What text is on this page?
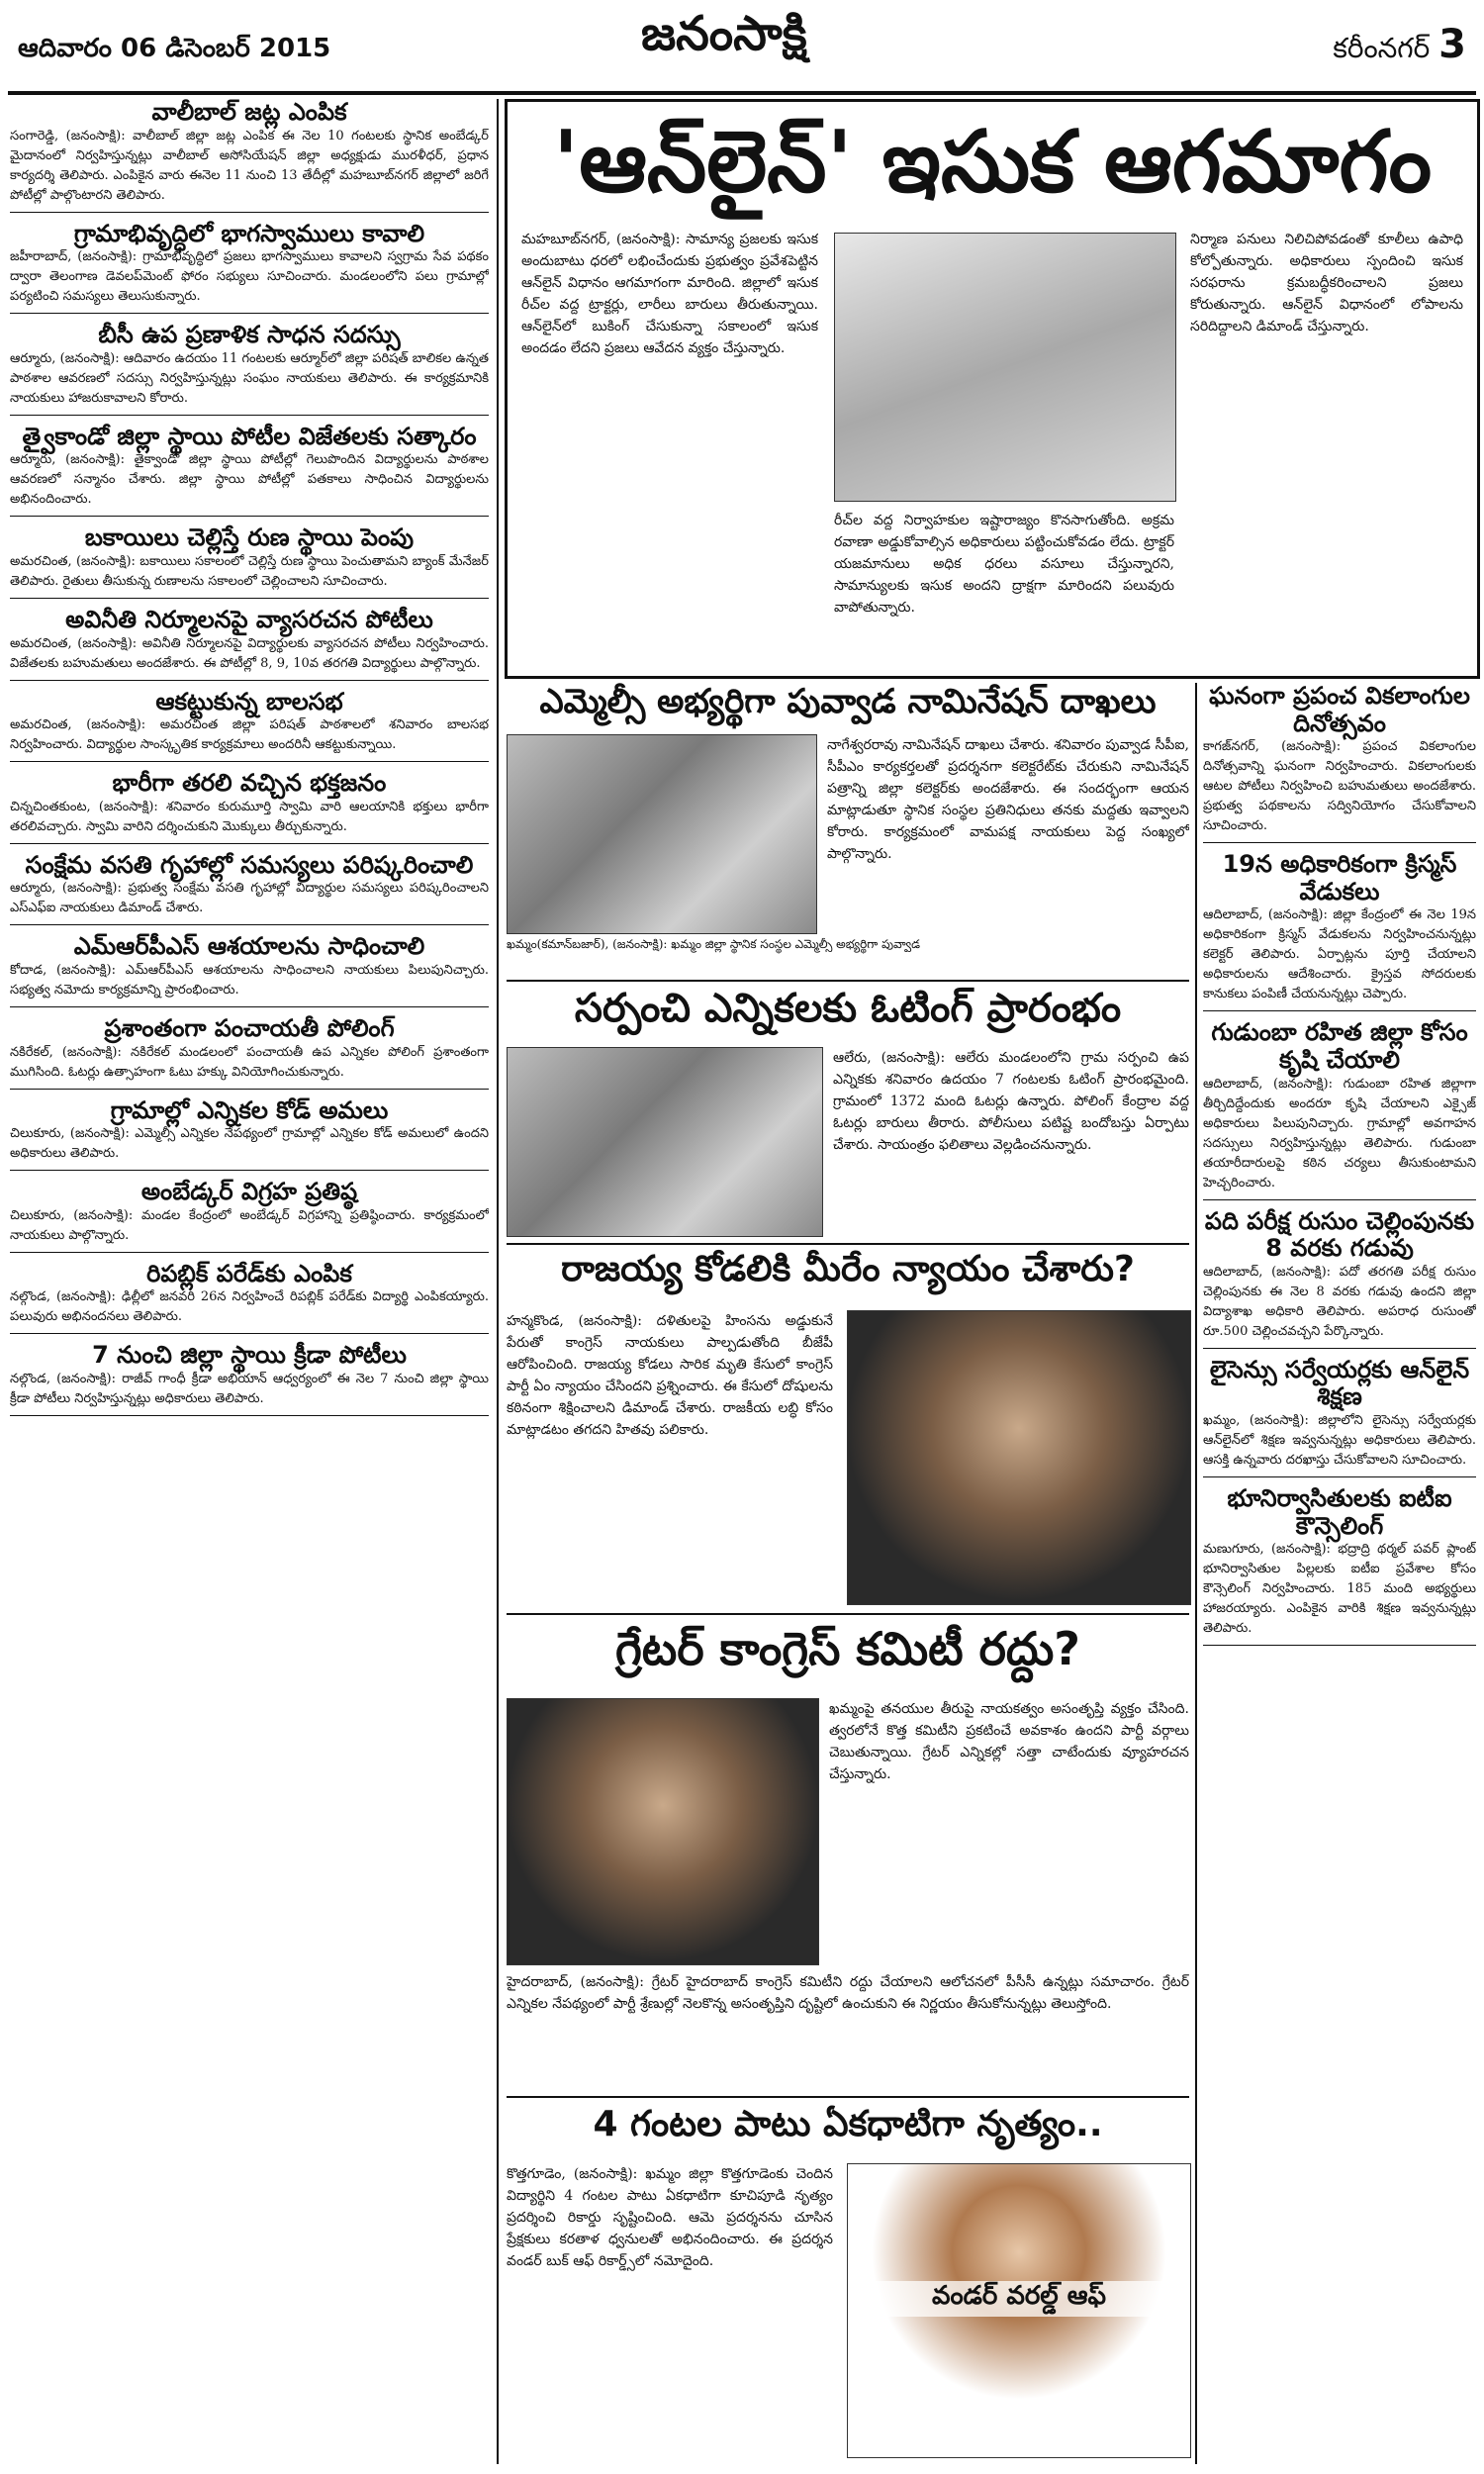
ఆదివారం 06 డిసెంబర్ 2015	జనంసాక్షి	కరీంనగర్ 3
వాలీబాల్ జట్ల ఎంపిక
సంగారెడ్డి, (జనంసాక్షి): వాలీబాల్ జిల్లా జట్ల ఎంపిక ఈ నెల 10 గంటలకు స్థానిక అంబేడ్కర్ మైదానంలో నిర్వహిస్తున్నట్లు వాలీబాల్ అసోసియేషన్ జిల్లా అధ్యక్షుడు మురళీధర్, ప్రధాన కార్యదర్శి తెలిపారు. ఎంపికైన వారు ఈనెల 11 నుంచి 13 తేదీల్లో మహబూబ్‌నగర్ జిల్లాలో జరిగే పోటీల్లో పాల్గొంటారని తెలిపారు.
గ్రామాభివృద్ధిలో భాగస్వాములు కావాలి
జహీరాబాద్, (జనంసాక్షి): గ్రామాభివృద్ధిలో ప్రజలు భాగస్వాములు కావాలని స్వగ్రామ సేవ పథకం ద్వారా తెలంగాణ డెవలప్‌మెంట్ ఫోరం సభ్యులు సూచించారు. మండలంలోని పలు గ్రామాల్లో పర్యటించి సమస్యలు తెలుసుకున్నారు.
బీసీ ఉప ప్రణాళిక సాధన సదస్సు
ఆర్మూరు, (జనంసాక్షి): ఆదివారం ఉదయం 11 గంటలకు ఆర్మూర్‌లో జిల్లా పరిషత్ బాలికల ఉన్నత పాఠశాల ఆవరణలో సదస్సు నిర్వహిస్తున్నట్లు సంఘం నాయకులు తెలిపారు. ఈ కార్యక్రమానికి నాయకులు హాజరుకావాలని కోరారు.
త్వైకాండో జిల్లా స్థాయి పోటీల విజేతలకు సత్కారం
ఆర్మూరు, (జనంసాక్షి): తైక్వాండో జిల్లా స్థాయి పోటీల్లో గెలుపొందిన విద్యార్థులను పాఠశాల ఆవరణలో సన్మానం చేశారు. జిల్లా స్థాయి పోటీల్లో పతకాలు సాధించిన విద్యార్థులను అభినందించారు.
బకాయిలు చెల్లిస్తే రుణ స్థాయి పెంపు
అమరచింత, (జనంసాక్షి): బకాయిలు సకాలంలో చెల్లిస్తే రుణ స్థాయి పెంచుతామని బ్యాంక్ మేనేజర్ తెలిపారు. రైతులు తీసుకున్న రుణాలను సకాలంలో చెల్లించాలని సూచించారు.
అవినీతి నిర్మూలనపై వ్యాసరచన పోటీలు
అమరచింత, (జనంసాక్షి): అవినీతి నిర్మూలనపై విద్యార్థులకు వ్యాసరచన పోటీలు నిర్వహించారు. విజేతలకు బహుమతులు అందజేశారు. ఈ పోటీల్లో 8, 9, 10వ తరగతి విద్యార్థులు పాల్గొన్నారు.
ఆకట్టుకున్న బాలసభ
అమరచింత, (జనంసాక్షి): అమరచింత జిల్లా పరిషత్ పాఠశాలలో శనివారం బాలసభ నిర్వహించారు. విద్యార్థుల సాంస్కృతిక కార్యక్రమాలు అందరినీ ఆకట్టుకున్నాయి.
భారీగా తరలి వచ్చిన భక్తజనం
చిన్నచింతకుంట, (జనంసాక్షి): శనివారం కురుమూర్తి స్వామి వారి ఆలయానికి భక్తులు భారీగా తరలివచ్చారు. స్వామి వారిని దర్శించుకుని మొక్కులు తీర్చుకున్నారు.
సంక్షేమ వసతి గృహాల్లో సమస్యలు పరిష్కరించాలి
ఆర్మూరు, (జనంసాక్షి): ప్రభుత్వ సంక్షేమ వసతి గృహాల్లో విద్యార్థుల సమస్యలు పరిష్కరించాలని ఎస్ఎఫ్ఐ నాయకులు డిమాండ్ చేశారు.
ఎమ్ఆర్‌పీఎస్ ఆశయాలను సాధించాలి
కోదాడ, (జనంసాక్షి): ఎమ్ఆర్‌పీఎస్ ఆశయాలను సాధించాలని నాయకులు పిలుపునిచ్చారు. సభ్యత్వ నమోదు కార్యక్రమాన్ని ప్రారంభించారు.
ప్రశాంతంగా పంచాయతీ పోలింగ్
నకిరేకల్, (జనంసాక్షి): నకిరేకల్ మండలంలో పంచాయతీ ఉప ఎన్నికల పోలింగ్ ప్రశాంతంగా ముగిసింది. ఓటర్లు ఉత్సాహంగా ఓటు హక్కు వినియోగించుకున్నారు.
గ్రామాల్లో ఎన్నికల కోడ్ అమలు
చిలుకూరు, (జనంసాక్షి): ఎమ్మెల్సీ ఎన్నికల నేపథ్యంలో గ్రామాల్లో ఎన్నికల కోడ్ అమలులో ఉందని అధికారులు తెలిపారు.
అంబేడ్కర్ విగ్రహ ప్రతిష్ఠ
చిలుకూరు, (జనంసాక్షి): మండల కేంద్రంలో అంబేడ్కర్ విగ్రహాన్ని ప్రతిష్ఠించారు. కార్యక్రమంలో నాయకులు పాల్గొన్నారు.
రిపబ్లిక్ పరేడ్‌కు ఎంపిక
నల్గొండ, (జనంసాక్షి): ఢిల్లీలో జనవరి 26న నిర్వహించే రిపబ్లిక్ పరేడ్‌కు విద్యార్థి ఎంపికయ్యారు. పలువురు అభినందనలు తెలిపారు.
7 నుంచి జిల్లా స్థాయి క్రీడా పోటీలు
నల్గొండ, (జనంసాక్షి): రాజీవ్ గాంధీ క్రీడా అభియాన్ ఆధ్వర్యంలో ఈ నెల 7 నుంచి జిల్లా స్థాయి క్రీడా పోటీలు నిర్వహిస్తున్నట్లు అధికారులు తెలిపారు.
'ఆన్‌లైన్' ఇసుక ఆగమాగం
మహబూబ్‌నగర్, (జనంసాక్షి): సామాన్య ప్రజలకు ఇసుక అందుబాటు ధరలో లభించేందుకు ప్రభుత్వం ప్రవేశపెట్టిన ఆన్‌లైన్ విధానం ఆగమాగంగా మారింది. జిల్లాలో ఇసుక రీచ్‌ల వద్ద ట్రాక్టర్లు, లారీలు బారులు తీరుతున్నాయి. ఆన్‌లైన్‌లో బుకింగ్ చేసుకున్నా సకాలంలో ఇసుక అందడం లేదని ప్రజలు ఆవేదన వ్యక్తం చేస్తున్నారు.
రీచ్‌ల వద్ద నిర్వాహకుల ఇష్టారాజ్యం కొనసాగుతోంది. అక్రమ రవాణా అడ్డుకోవాల్సిన అధికారులు పట్టించుకోవడం లేదు. ట్రాక్టర్ యజమానులు అధిక ధరలు వసూలు చేస్తున్నారని, సామాన్యులకు ఇసుక అందని ద్రాక్షగా మారిందని పలువురు వాపోతున్నారు.
నిర్మాణ పనులు నిలిచిపోవడంతో కూలీలు ఉపాధి కోల్పోతున్నారు. అధికారులు స్పందించి ఇసుక సరఫరాను క్రమబద్ధీకరించాలని ప్రజలు కోరుతున్నారు. ఆన్‌లైన్ విధానంలో లోపాలను సరిదిద్దాలని డిమాండ్ చేస్తున్నారు.
ఎమ్మెల్సీ అభ్యర్థిగా పువ్వాడ నామినేషన్ దాఖలు
ఖమ్మం(కమాన్‌బజార్), (జనంసాక్షి): ఖమ్మం జిల్లా స్థానిక సంస్థల ఎమ్మెల్సీ అభ్యర్థిగా పువ్వాడ
నాగేశ్వరరావు నామినేషన్ దాఖలు చేశారు. శనివారం పువ్వాడ సీపీఐ, సీపీఎం కార్యకర్తలతో ప్రదర్శనగా కలెక్టరేట్‌కు చేరుకుని నామినేషన్ పత్రాన్ని జిల్లా కలెక్టర్‌కు అందజేశారు. ఈ సందర్భంగా ఆయన మాట్లాడుతూ స్థానిక సంస్థల ప్రతినిధులు తనకు మద్దతు ఇవ్వాలని కోరారు. కార్యక్రమంలో వామపక్ష నాయకులు పెద్ద సంఖ్యలో పాల్గొన్నారు.
సర్పంచి ఎన్నికలకు ఓటింగ్ ప్రారంభం
ఆలేరు, (జనంసాక్షి): ఆలేరు మండలంలోని గ్రామ సర్పంచి ఉప ఎన్నికకు శనివారం ఉదయం 7 గంటలకు ఓటింగ్ ప్రారంభమైంది. గ్రామంలో 1372 మంది ఓటర్లు ఉన్నారు. పోలింగ్ కేంద్రాల వద్ద ఓటర్లు బారులు తీరారు. పోలీసులు పటిష్ట బందోబస్తు ఏర్పాటు చేశారు. సాయంత్రం ఫలితాలు వెల్లడించనున్నారు.
రాజయ్య కోడలికి మీరేం న్యాయం చేశారు?
హన్మకొండ, (జనంసాక్షి): దళితులపై హింసను అడ్డుకునే పేరుతో కాంగ్రెస్ నాయకులు పాల్పడుతోంది బీజేపీ ఆరోపించింది. రాజయ్య కోడలు సారిక మృతి కేసులో కాంగ్రెస్ పార్టీ ఏం న్యాయం చేసిందని ప్రశ్నించారు. ఈ కేసులో దోషులను కఠినంగా శిక్షించాలని డిమాండ్ చేశారు. రాజకీయ లబ్ధి కోసం మాట్లాడటం తగదని హితవు పలికారు.
గ్రేటర్ కాంగ్రెస్ కమిటీ రద్దు?
ఖమ్మంపై తనయుల తీరుపై నాయకత్వం అసంతృప్తి వ్యక్తం చేసింది. త్వరలోనే కొత్త కమిటీని ప్రకటించే అవకాశం ఉందని పార్టీ వర్గాలు చెబుతున్నాయి. గ్రేటర్ ఎన్నికల్లో సత్తా చాటేందుకు వ్యూహరచన చేస్తున్నారు.
హైదరాబాద్, (జనంసాక్షి): గ్రేటర్ హైదరాబాద్ కాంగ్రెస్ కమిటీని రద్దు చేయాలని ఆలోచనలో పీసీసీ ఉన్నట్లు సమాచారం. గ్రేటర్ ఎన్నికల నేపథ్యంలో పార్టీ శ్రేణుల్లో నెలకొన్న అసంతృప్తిని దృష్టిలో ఉంచుకుని ఈ నిర్ణయం తీసుకోనున్నట్లు తెలుస్తోంది.
4 గంటల పాటు ఏకధాటిగా నృత్యం..
కొత్తగూడెం, (జనంసాక్షి): ఖమ్మం జిల్లా కొత్తగూడెంకు చెందిన విద్యార్థిని 4 గంటల పాటు ఏకధాటిగా కూచిపూడి నృత్యం ప్రదర్శించి రికార్డు సృష్టించింది. ఆమె ప్రదర్శనను చూసిన ప్రేక్షకులు కరతాళ ధ్వనులతో అభినందించారు. ఈ ప్రదర్శన వండర్ బుక్ ఆఫ్ రికార్డ్స్‌లో నమోదైంది.
వండర్ వరల్డ్ ఆఫ్
ఘనంగా ప్రపంచ వికలాంగుల దినోత్సవం
కాగజ్‌నగర్, (జనంసాక్షి): ప్రపంచ వికలాంగుల దినోత్సవాన్ని ఘనంగా నిర్వహించారు. వికలాంగులకు ఆటల పోటీలు నిర్వహించి బహుమతులు అందజేశారు. ప్రభుత్వ పథకాలను సద్వినియోగం చేసుకోవాలని సూచించారు.
19న అధికారికంగా క్రిస్మస్ వేడుకలు
ఆదిలాబాద్, (జనంసాక్షి): జిల్లా కేంద్రంలో ఈ నెల 19న అధికారికంగా క్రిస్మస్ వేడుకలను నిర్వహించనున్నట్లు కలెక్టర్ తెలిపారు. ఏర్పాట్లను పూర్తి చేయాలని అధికారులను ఆదేశించారు. క్రైస్తవ సోదరులకు కానుకలు పంపిణీ చేయనున్నట్లు చెప్పారు.
గుడుంబా రహిత జిల్లా కోసం కృషి చేయాలి
ఆదిలాబాద్, (జనంసాక్షి): గుడుంబా రహిత జిల్లాగా తీర్చిదిద్దేందుకు అందరూ కృషి చేయాలని ఎక్సైజ్ అధికారులు పిలుపునిచ్చారు. గ్రామాల్లో అవగాహన సదస్సులు నిర్వహిస్తున్నట్లు తెలిపారు. గుడుంబా తయారీదారులపై కఠిన చర్యలు తీసుకుంటామని హెచ్చరించారు.
పది పరీక్ష రుసుం చెల్లింపునకు 8 వరకు గడువు
ఆదిలాబాద్, (జనంసాక్షి): పదో తరగతి పరీక్ష రుసుం చెల్లింపునకు ఈ నెల 8 వరకు గడువు ఉందని జిల్లా విద్యాశాఖ అధికారి తెలిపారు. అపరాధ రుసుంతో రూ.500 చెల్లించవచ్చని పేర్కొన్నారు.
లైసెన్సు సర్వేయర్లకు ఆన్‌లైన్ శిక్షణ
ఖమ్మం, (జనంసాక్షి): జిల్లాలోని లైసెన్సు సర్వేయర్లకు ఆన్‌లైన్‌లో శిక్షణ ఇవ్వనున్నట్లు అధికారులు తెలిపారు. ఆసక్తి ఉన్నవారు దరఖాస్తు చేసుకోవాలని సూచించారు.
భూనిర్వాసితులకు ఐటీఐ కౌన్సెలింగ్
మణుగూరు, (జనంసాక్షి): భద్రాద్రి థర్మల్ పవర్ ప్లాంట్ భూనిర్వాసితుల పిల్లలకు ఐటీఐ ప్రవేశాల కోసం కౌన్సెలింగ్ నిర్వహించారు. 185 మంది అభ్యర్థులు హాజరయ్యారు. ఎంపికైన వారికి శిక్షణ ఇవ్వనున్నట్లు తెలిపారు.
